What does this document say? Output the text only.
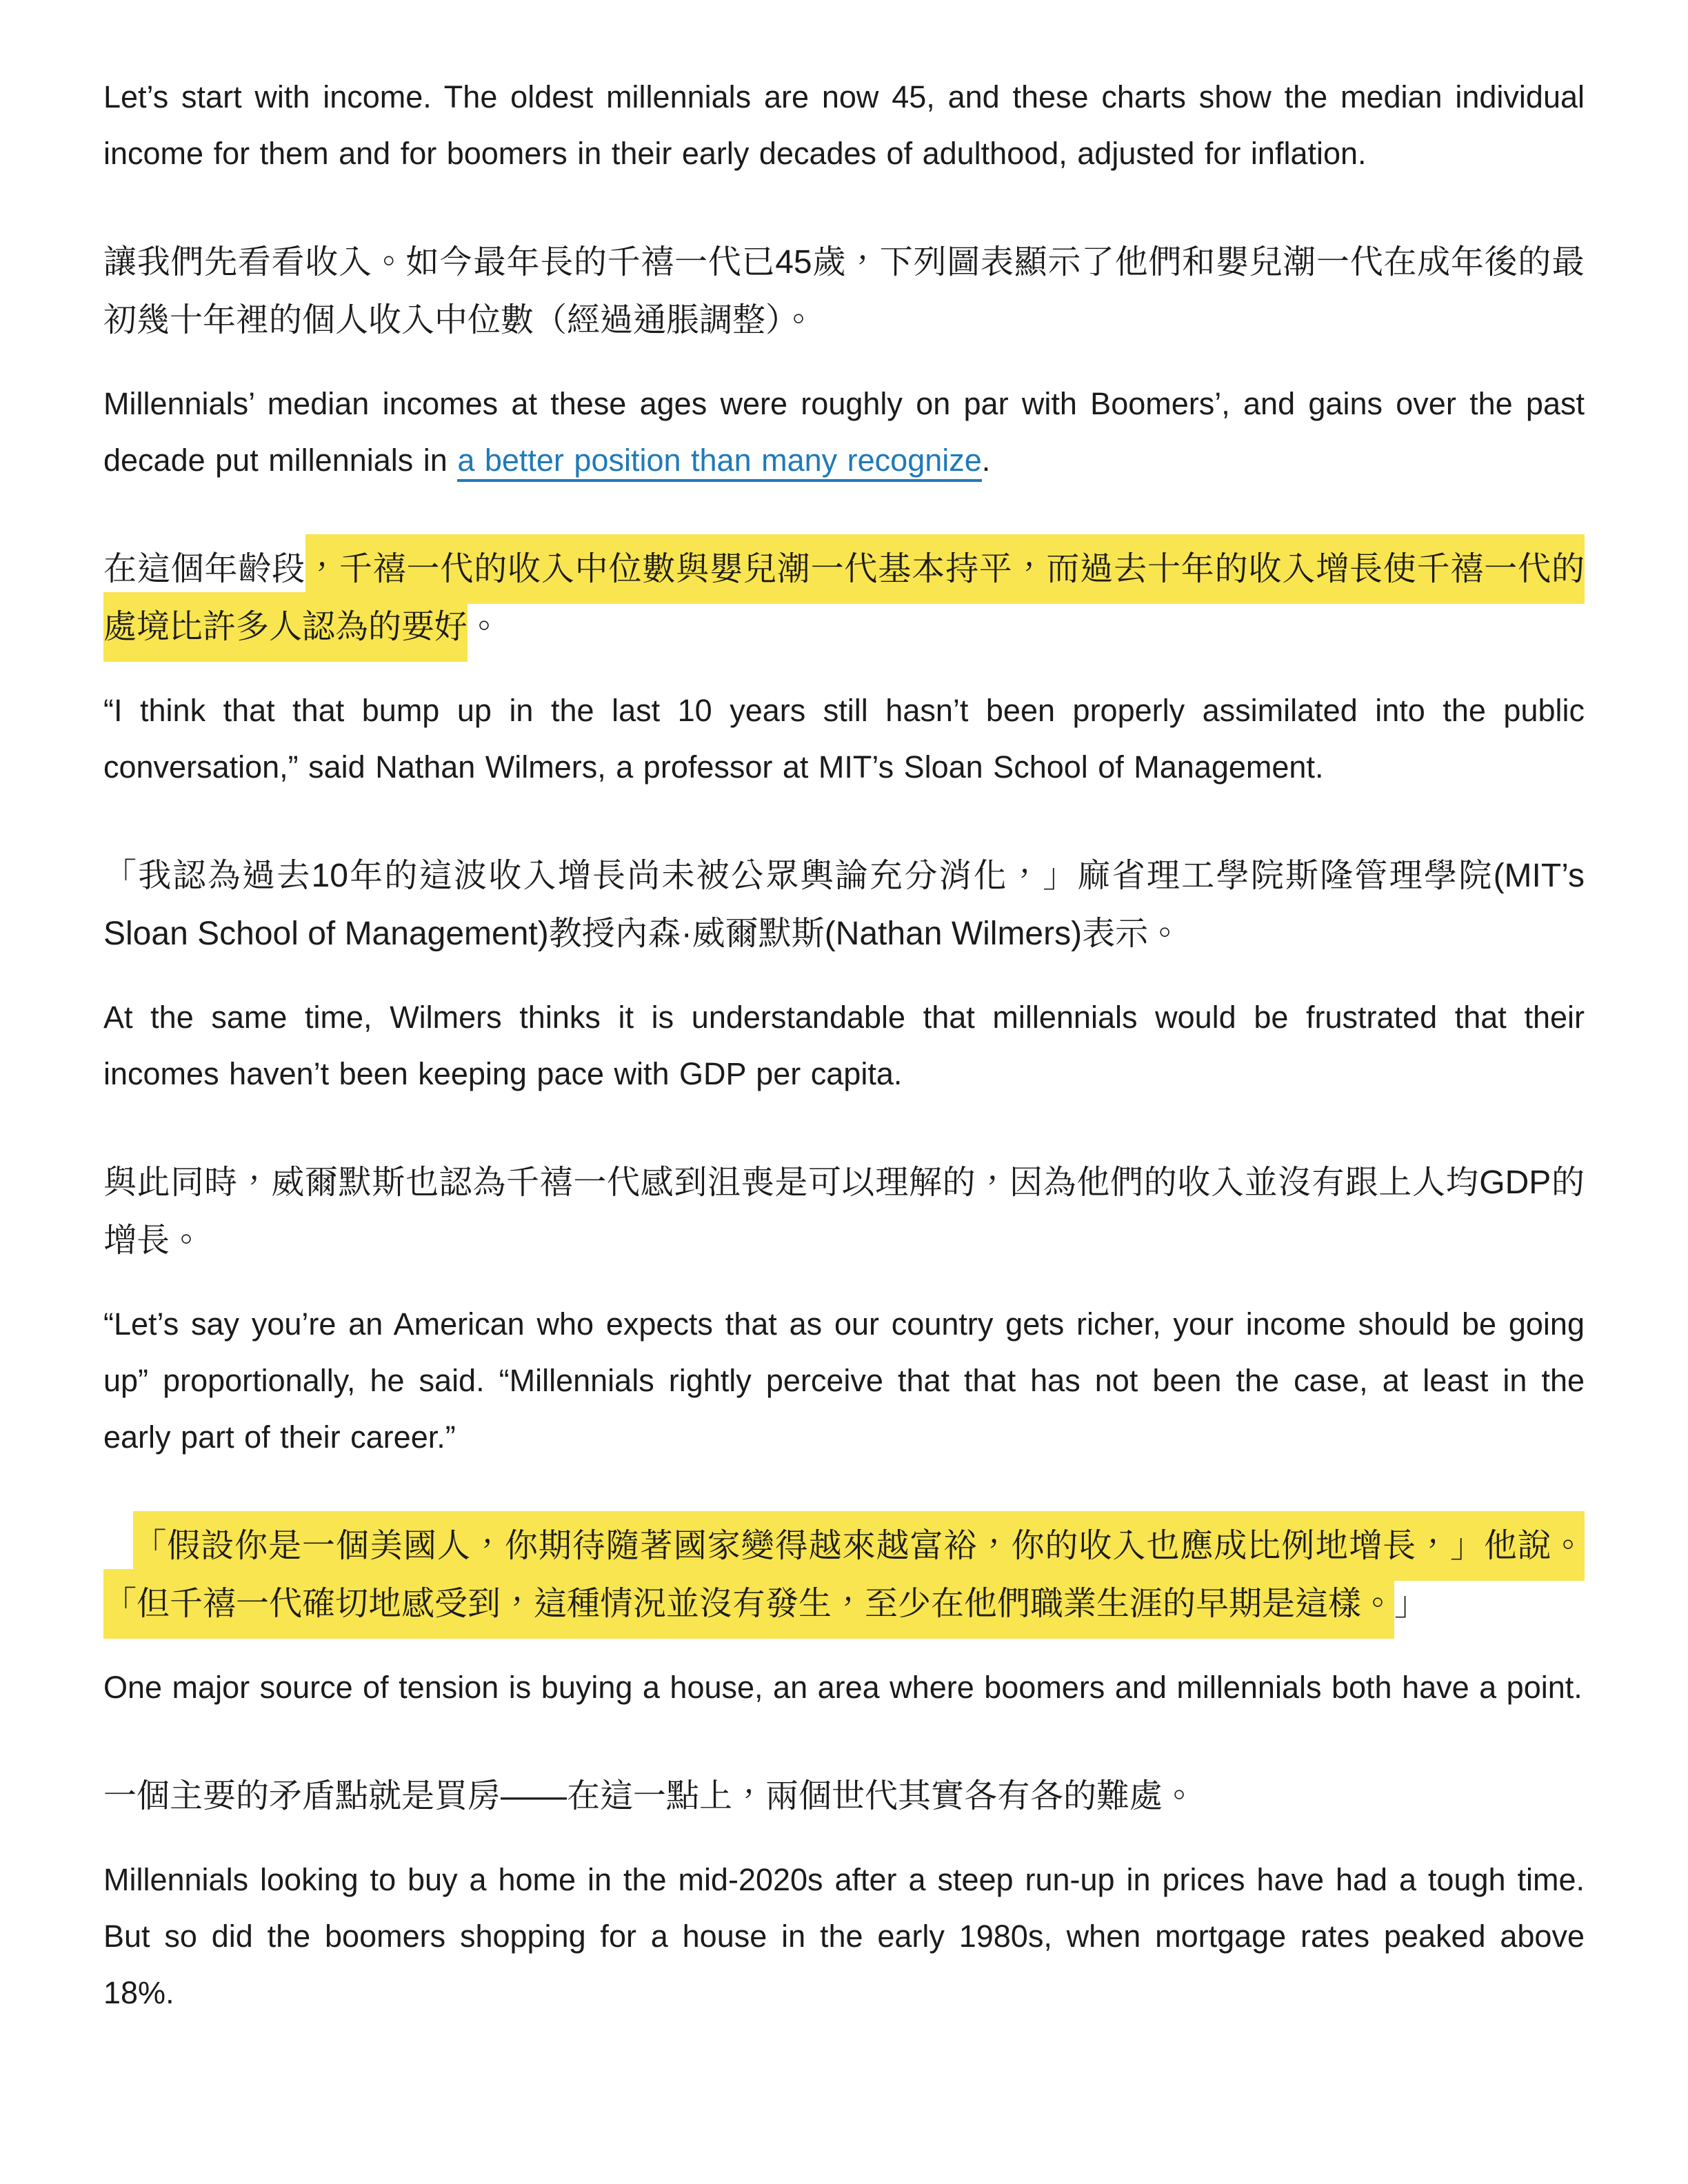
Let’s start with income. The oldest millennials are now 45, and these charts show the median individual income for them and for boomers in their early decades of adulthood, adjusted for inflation.

讓我們先看看收入。如今最年長的千禧一代已45歲，下列圖表顯示了他們和嬰兒潮一代在成年後的最初幾十年裡的個人收入中位數（經過通脹調整）。

Millennials’ median incomes at these ages were roughly on par with Boomers’, and gains over the past decade put millennials in a better position than many recognize.

在這個年齡段，千禧一代的收入中位數與嬰兒潮一代基本持平，而過去十年的收入增長使千禧一代的處境比許多人認為的要好。

“I think that that bump up in the last 10 years still hasn’t been properly assimilated into the public conversation,” said Nathan Wilmers, a professor at MIT’s Sloan School of Management.

「我認為過去10年的這波收入增長尚未被公眾輿論充分消化，」麻省理工學院斯隆管理學院(MIT’s Sloan School of Management)教授內森·威爾默斯(Nathan Wilmers)表示。

At the same time, Wilmers thinks it is understandable that millennials would be frustrated that their incomes haven’t been keeping pace with GDP per capita.

與此同時，威爾默斯也認為千禧一代感到沮喪是可以理解的，因為他們的收入並沒有跟上人均GDP的增長。

“Let’s say you’re an American who expects that as our country gets richer, your income should be going up” proportionally, he said. “Millennials rightly perceive that that has not been the case, at least in the early part of their career.”

「假設你是一個美國人，你期待隨著國家變得越來越富裕，你的收入也應成比例地增長，」他說。「但千禧一代確切地感受到，這種情況並沒有發生，至少在他們職業生涯的早期是這樣。」

One major source of tension is buying a house, an area where boomers and millennials both have a point.

一個主要的矛盾點就是買房——在這一點上，兩個世代其實各有各的難處。

Millennials looking to buy a home in the mid-2020s after a steep run-up in prices have had a tough time. But so did the boomers shopping for a house in the early 1980s, when mortgage rates peaked above 18%.
